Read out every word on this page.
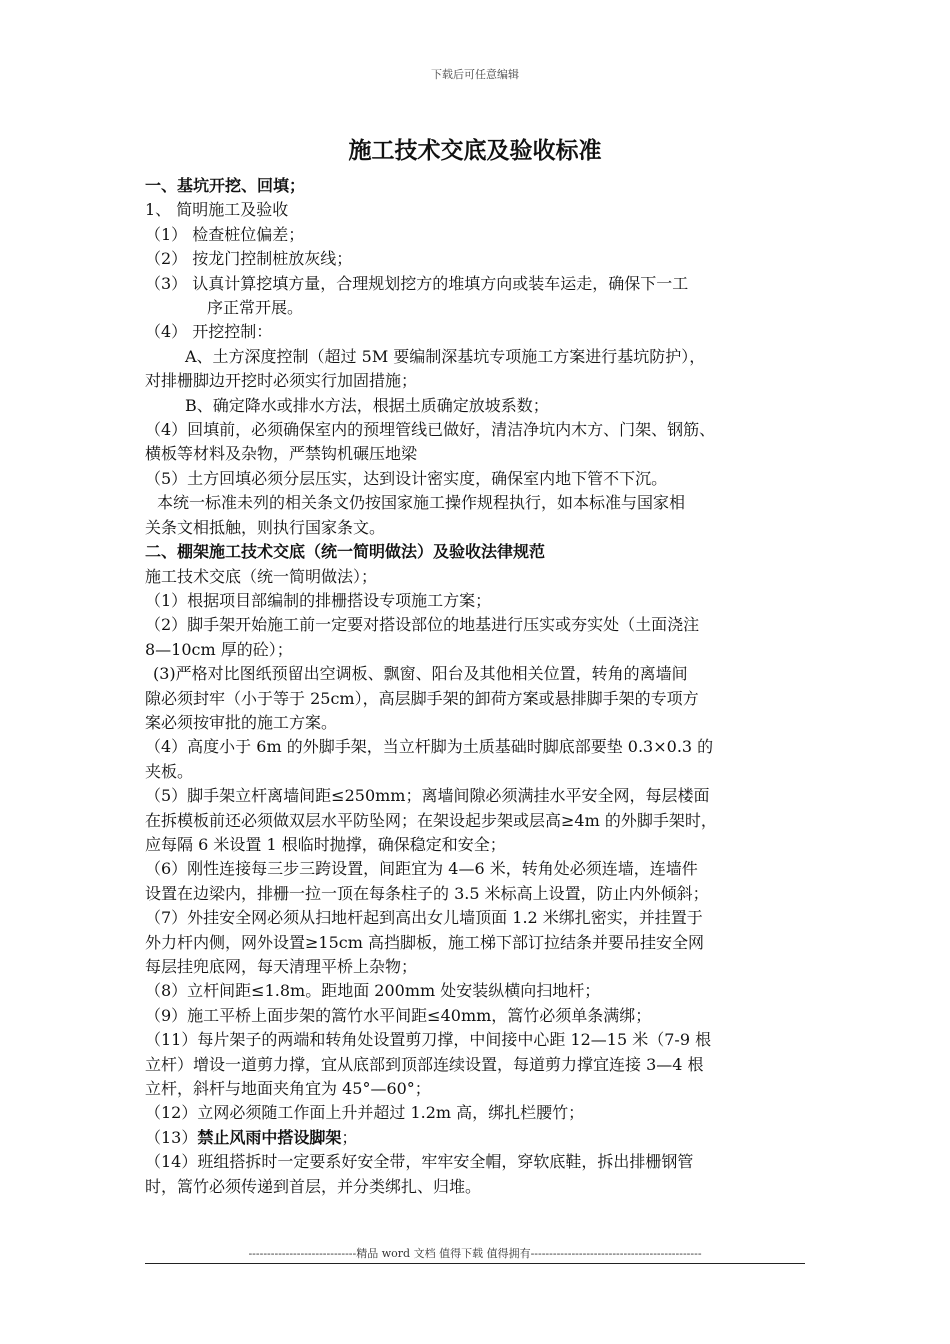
下载后可任意编辑
施工技术交底及验收标准

一、基坑开挖、回填；

1、 简明施工及验收

（1） 检查桩位偏差；

（2） 按龙门控制桩放灰线；

（3） 认真计算挖填方量，合理规划挖方的堆填方向或装车运走，确保下一工

序正常开展。

（4） 开挖控制：

A、土方深度控制（超过 5M 要编制深基坑专项施工方案进行基坑防护），

对排栅脚边开挖时必须实行加固措施；

B、确定降水或排水方法，根据土质确定放坡系数；

（4）回填前，必须确保室内的预埋管线已做好，清洁净坑内木方、门架、钢筋、

横板等材料及杂物，严禁钩机碾压地梁

（5）土方回填必须分层压实，达到设计密实度，确保室内地下管不下沉。

本统一标准未列的相关条文仍按国家施工操作规程执行，如本标准与国家相

关条文相抵触，则执行国家条文。

二、棚架施工技术交底（统一简明做法）及验收法律规范

施工技术交底（统一简明做法）；

（1）根据项目部编制的排栅搭设专项施工方案；

（2）脚手架开始施工前一定要对搭设部位的地基进行压实或夯实处（土面浇注

8—10cm 厚的砼）；

(3)严格对比图纸预留出空调板、飘窗、阳台及其他相关位置，转角的离墙间

隙必须封牢（小于等于 25cm），高层脚手架的卸荷方案或悬排脚手架的专项方

案必须按审批的施工方案。

（4）高度小于 6m 的外脚手架，当立杆脚为土质基础时脚底部要垫 0.3×0.3 的

夹板。

（5）脚手架立杆离墙间距≤250mm；离墙间隙必须满挂水平安全网，每层楼面

在拆模板前还必须做双层水平防坠网；在架设起步架或层高≥4m 的外脚手架时，

应每隔 6 米设置 1 根临时抛撑，确保稳定和安全；

（6）刚性连接每三步三跨设置，间距宜为 4—6 米，转角处必须连墙，连墙件

设置在边梁内，排栅一拉一顶在每条柱子的 3.5 米标高上设置，防止内外倾斜；

（7）外挂安全网必须从扫地杆起到高出女儿墙顶面 1.2 米绑扎密实，并挂置于

外力杆内侧，网外设置≥15cm 高挡脚板，施工梯下部订拉结条并要吊挂安全网

每层挂兜底网，每天清理平桥上杂物；

（8）立杆间距≤1.8m。距地面 200mm 处安装纵横向扫地杆；

（9）施工平桥上面步架的篙竹水平间距≤40mm，篙竹必须单条满绑；

（11）每片架子的两端和转角处设置剪刀撑，中间接中心距 12—15 米（7-9 根

立杆）增设一道剪力撑，宜从底部到顶部连续设置，每道剪力撑宜连接 3—4 根

立杆，斜杆与地面夹角宜为 45°—60°；

（12）立网必须随工作面上升并超过 1.2m 高，绑扎栏腰竹；

（13）禁止风雨中搭设脚架；

（14）班组搭拆时一定要系好安全带，牢牢安全帽，穿软底鞋，拆出排栅钢管

时，篙竹必须传递到首层，并分类绑扎、归堆。

-----------------------------精品 word 文档 值得下载 值得拥有----------------------------------------------
